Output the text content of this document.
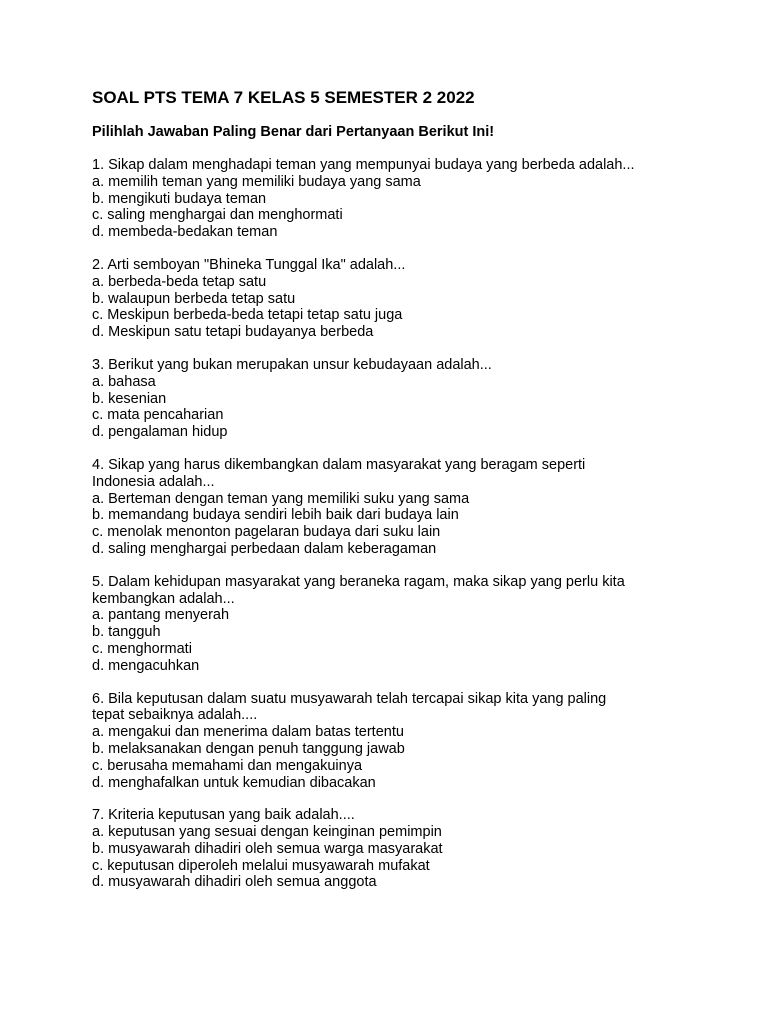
SOAL PTS TEMA 7 KELAS 5 SEMESTER 2 2022

Pilihlah Jawaban Paling Benar dari Pertanyaan Berikut Ini!

1. Sikap dalam menghadapi teman yang mempunyai budaya yang berbeda adalah...
a. memilih teman yang memiliki budaya yang sama
b. mengikuti budaya teman
c. saling menghargai dan menghormati
d. membeda-bedakan teman
2. Arti semboyan "Bhineka Tunggal Ika" adalah...
a. berbeda-beda tetap satu
b. walaupun berbeda tetap satu
c. Meskipun berbeda-beda tetapi tetap satu juga
d. Meskipun satu tetapi budayanya berbeda
3. Berikut yang bukan merupakan unsur kebudayaan adalah...
a. bahasa
b. kesenian
c. mata pencaharian
d. pengalaman hidup
4. Sikap yang harus dikembangkan dalam masyarakat yang beragam seperti
Indonesia adalah...
a. Berteman dengan teman yang memiliki suku yang sama
b. memandang budaya sendiri lebih baik dari budaya lain
c. menolak menonton pagelaran budaya dari suku lain
d. saling menghargai perbedaan dalam keberagaman
5. Dalam kehidupan masyarakat yang beraneka ragam, maka sikap yang perlu kita
kembangkan adalah...
a. pantang menyerah
b. tangguh
c. menghormati
d. mengacuhkan
6. Bila keputusan dalam suatu musyawarah telah tercapai sikap kita yang paling
tepat sebaiknya adalah....
a. mengakui dan menerima dalam batas tertentu
b. melaksanakan dengan penuh tanggung jawab
c. berusaha memahami dan mengakuinya
d. menghafalkan untuk kemudian dibacakan
7. Kriteria keputusan yang baik adalah....
a. keputusan yang sesuai dengan keinginan pemimpin
b. musyawarah dihadiri oleh semua warga masyarakat
c. keputusan diperoleh melalui musyawarah mufakat
d. musyawarah dihadiri oleh semua anggota
